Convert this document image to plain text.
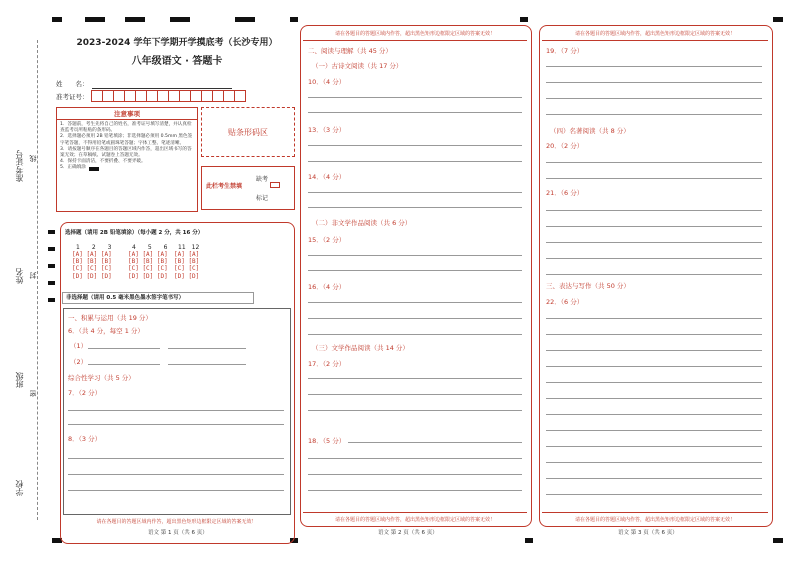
准考证号 线
姓名 封
班级
密
学校
2023-2024 学年下学期开学摸底考（长沙专用）
八年级语文 · 答题卡
姓　　名：
准考证号：
注意事项
1．答题前，考生先将自己的姓名，准考证号填写清楚，并认真检查监考员所粘贴的条形码。
2．选择题必须用 2B 铅笔填涂；非选择题必须用 0.5mm 黑色签字笔答题，不得用铅笔或圆珠笔答题；字体工整、笔迹清晰。
3．请按题号顺序在各题目的答题区域内作答，超出区域书写的答案无效；在草稿纸、试题卷上答题无效。
4．保持卡面清洁，不要折叠、不要弄破。
5．正确填涂
贴条形码区
此栏考生禁填
缺考
标记
选择题（请用 2B 铅笔填涂）（每小题 2 分，共 16 分）
1　　2　　3
[A] [A] [A]
[B] [B] [B]
[C] [C] [C]
[D] [D] [D]
4　　5　　6
[A] [A] [A]
[B] [B] [B]
[C] [C] [C]
[D] [D] [D]
11　12
[A] [A]
[B] [B]
[C] [C]
[D] [D]
非选择题（请用 0.5 毫米黑色墨水签字笔书写）
一、积累与运用（共 19 分）
6．（共 4 分，每空 1 分）
（1）
（2）
综合性学习（共 5 分）
7．（2 分）
8．（3 分）
请在各题目的答题区域内作答，超出黑色矩形边框限定区域的答案无效！
语文 第 1 页（共 6 页）
请在各题目的答题区域内作答，超出黑色矩形边框限定区域的答案无效！
二、阅读与理解（共 45 分）
（一）古诗文阅读（共 17 分）
10．（4 分）
13．（3 分）
14．（4 分）
（二）非文学作品阅读（共 6 分）
15．（2 分）
16．（4 分）
（三）文学作品阅读（共 14 分）
17．（2 分）
18．（5 分）
请在各题目的答题区域内作答，超出黑色矩形边框限定区域的答案无效！
语文 第 2 页（共 6 页）
请在各题目的答题区域内作答，超出黑色矩形边框限定区域的答案无效！
19．（7 分）
（四）名著阅读（共 8 分）
20．（2 分）
21．（6 分）
三、表达与写作（共 50 分）
22．（6 分）
请在各题目的答题区域内作答，超出黑色矩形边框限定区域的答案无效！
语文 第 3 页（共 6 页）
